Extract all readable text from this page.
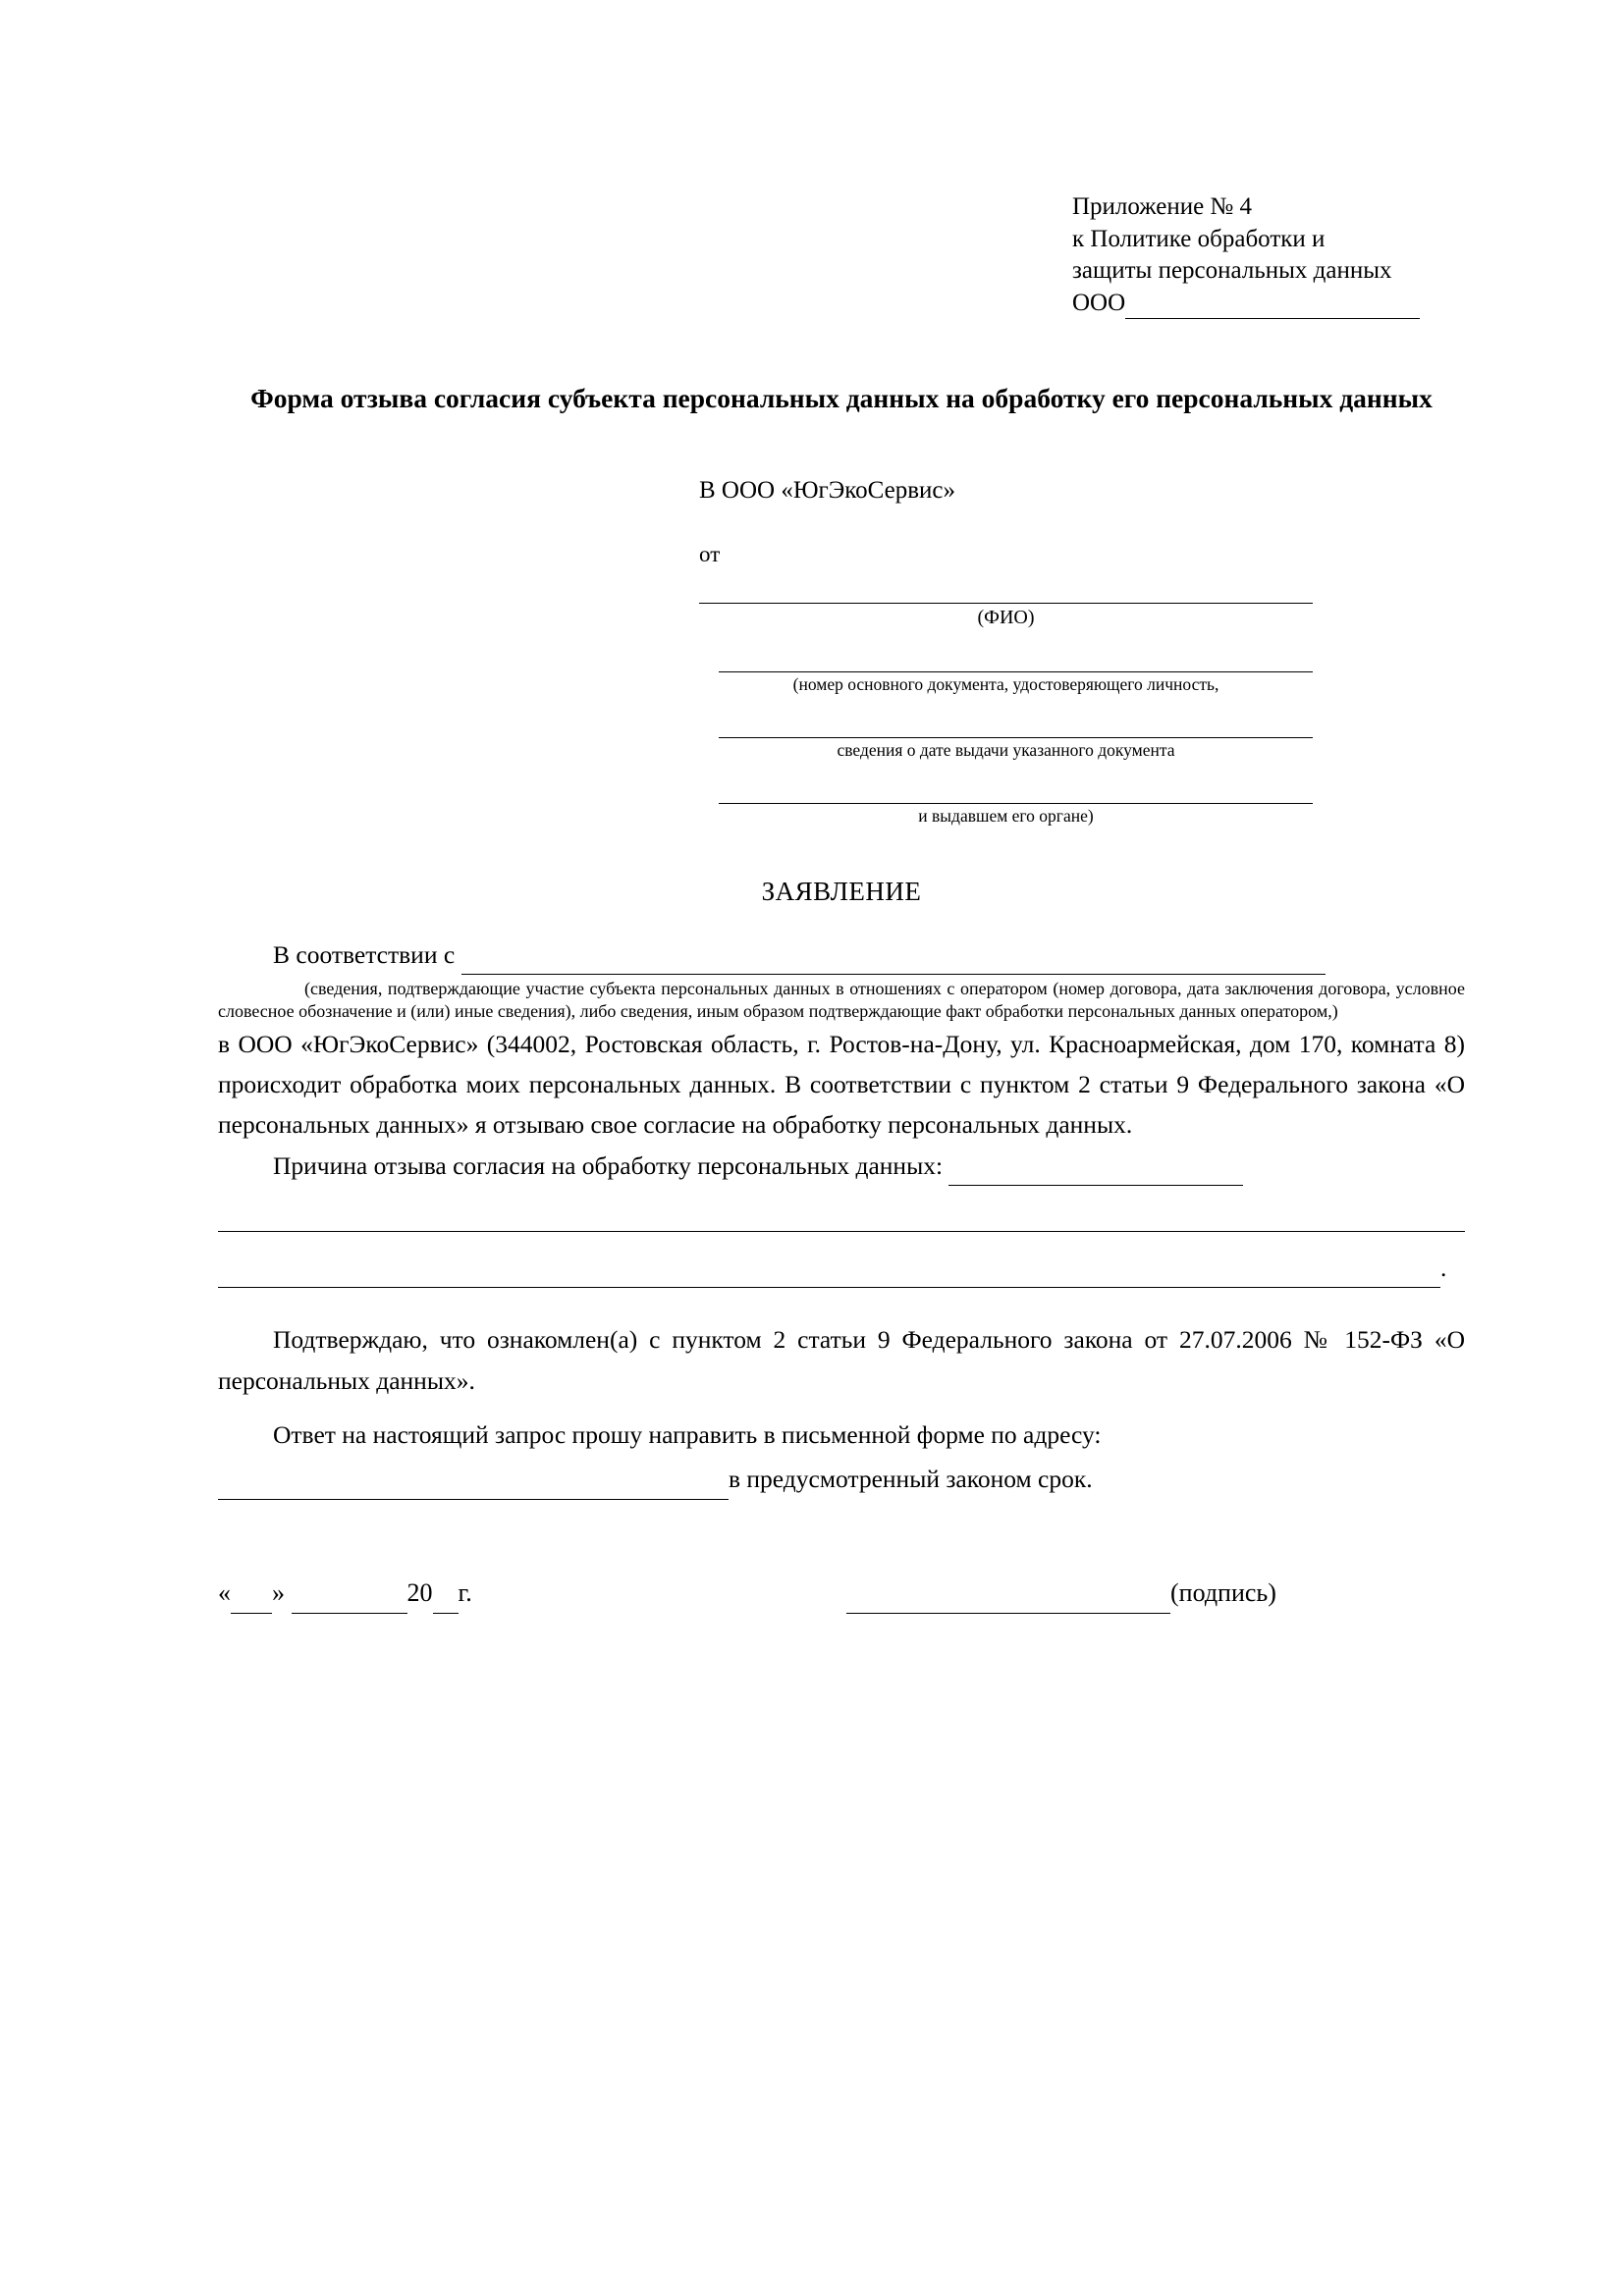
Приложение № 4
к Политике обработки и
защиты персональных данных
ООО
Форма отзыва согласия субъекта персональных данных на обработку его персональных данных
В ООО «ЮгЭкоСервис»
от
(ФИО)
(номер основного документа, удостоверяющего личность,
сведения о дате выдачи указанного документа
и выдавшем его органе)
ЗАЯВЛЕНИЕ

В соответствии с

(сведения, подтверждающие участие субъекта персональных данных в отношениях с оператором (номер договора, дата заключения договора, условное словесное обозначение и (или) иные сведения), либо сведения, иным образом подтверждающие факт обработки персональных данных оператором,)

в ООО «ЮгЭкоСервис» (344002, Ростовская область, г. Ростов-на-Дону, ул. Красноармейская, дом 170, комната 8) происходит обработка моих персональных данных. В соответствии с пунктом 2 статьи 9 Федерального закона «О персональных данных» я отзываю свое согласие на обработку персональных данных.

Причина отзыва согласия на обработку персональных данных:

.

Подтверждаю, что ознакомлен(а) с пунктом 2 статьи 9 Федерального закона от 27.07.2006 № 152-ФЗ «О персональных данных».

Ответ на настоящий запрос прошу направить в письменной форме по адресу:

в предусмотренный законом срок.

« »	20 г.	(подпись)
